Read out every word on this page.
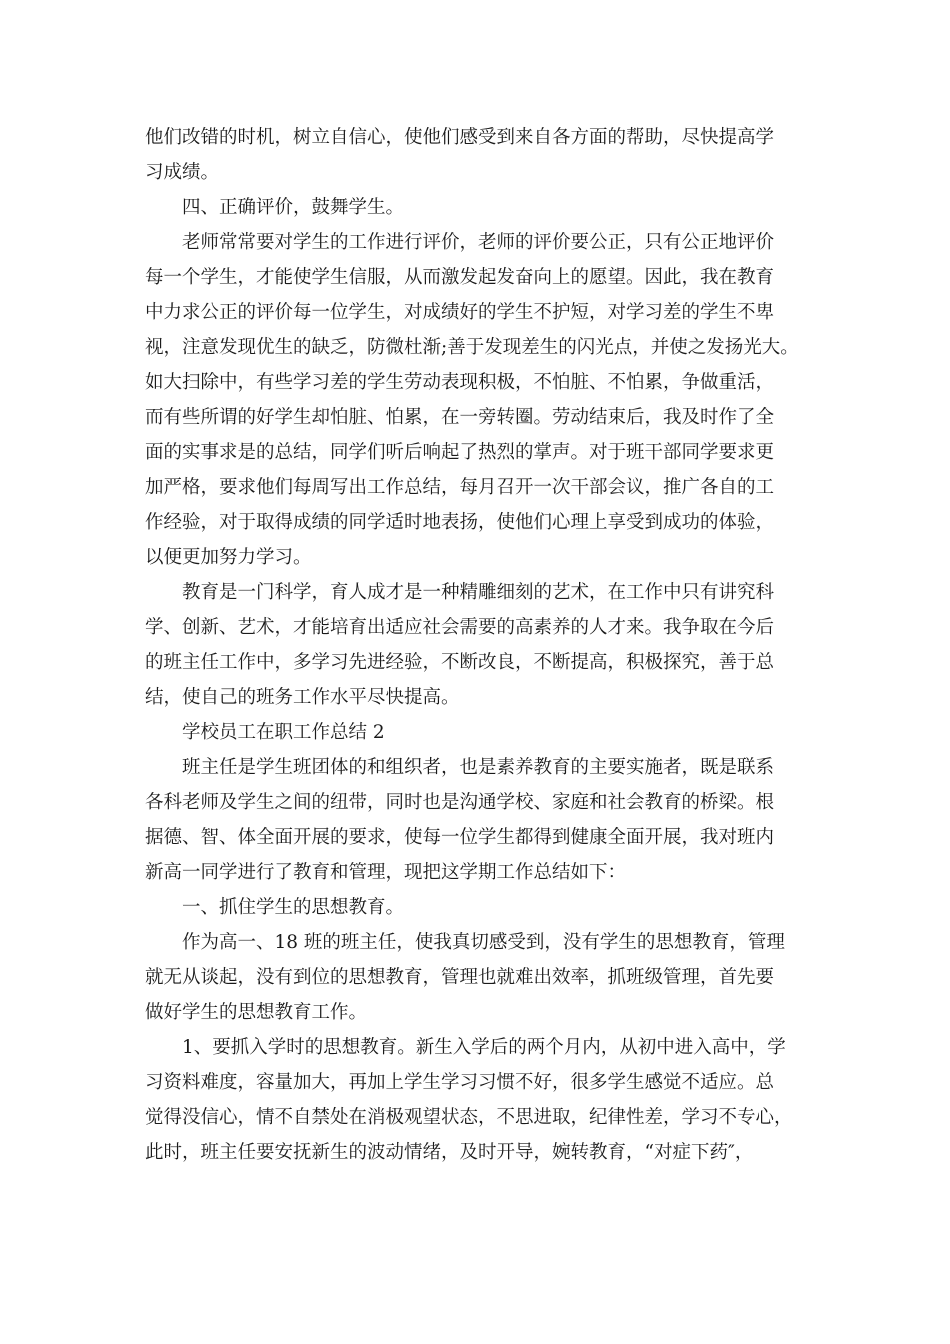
他们改错的时机，树立自信心，使他们感受到来自各方面的帮助，尽快提高学
习成绩。
四、正确评价，鼓舞学生。
老师常常要对学生的工作进行评价，老师的评价要公正，只有公正地评价
每一个学生，才能使学生信服，从而激发起发奋向上的愿望。因此，我在教育
中力求公正的评价每一位学生，对成绩好的学生不护短，对学习差的学生不卑
视，注意发现优生的缺乏，防微杜渐;善于发现差生的闪光点，并使之发扬光大。
如大扫除中，有些学习差的学生劳动表现积极，不怕脏、不怕累，争做重活，
而有些所谓的好学生却怕脏、怕累，在一旁转圈。劳动结束后，我及时作了全
面的实事求是的总结，同学们听后响起了热烈的掌声。对于班干部同学要求更
加严格，要求他们每周写出工作总结，每月召开一次干部会议，推广各自的工
作经验，对于取得成绩的同学适时地表扬，使他们心理上享受到成功的体验，
以便更加努力学习。
教育是一门科学，育人成才是一种精雕细刻的艺术，在工作中只有讲究科
学、创新、艺术，才能培育出适应社会需要的高素养的人才来。我争取在今后
的班主任工作中，多学习先进经验，不断改良，不断提高，积极探究，善于总
结，使自己的班务工作水平尽快提高。
学校员工在职工作总结 2
班主任是学生班团体的和组织者，也是素养教育的主要实施者，既是联系
各科老师及学生之间的纽带，同时也是沟通学校、家庭和社会教育的桥梁。根
据德、智、体全面开展的要求，使每一位学生都得到健康全面开展，我对班内
新高一同学进行了教育和管理，现把这学期工作总结如下：
一、抓住学生的思想教育。
作为高一、18 班的班主任，使我真切感受到，没有学生的思想教育，管理
就无从谈起，没有到位的思想教育，管理也就难出效率，抓班级管理，首先要
做好学生的思想教育工作。
1、要抓入学时的思想教育。新生入学后的两个月内，从初中进入高中，学
习资料难度，容量加大，再加上学生学习习惯不好，很多学生感觉不适应。总
觉得没信心，情不自禁处在消极观望状态，不思进取，纪律性差，学习不专心，
此时，班主任要安抚新生的波动情绪，及时开导，婉转教育，“对症下药″，
